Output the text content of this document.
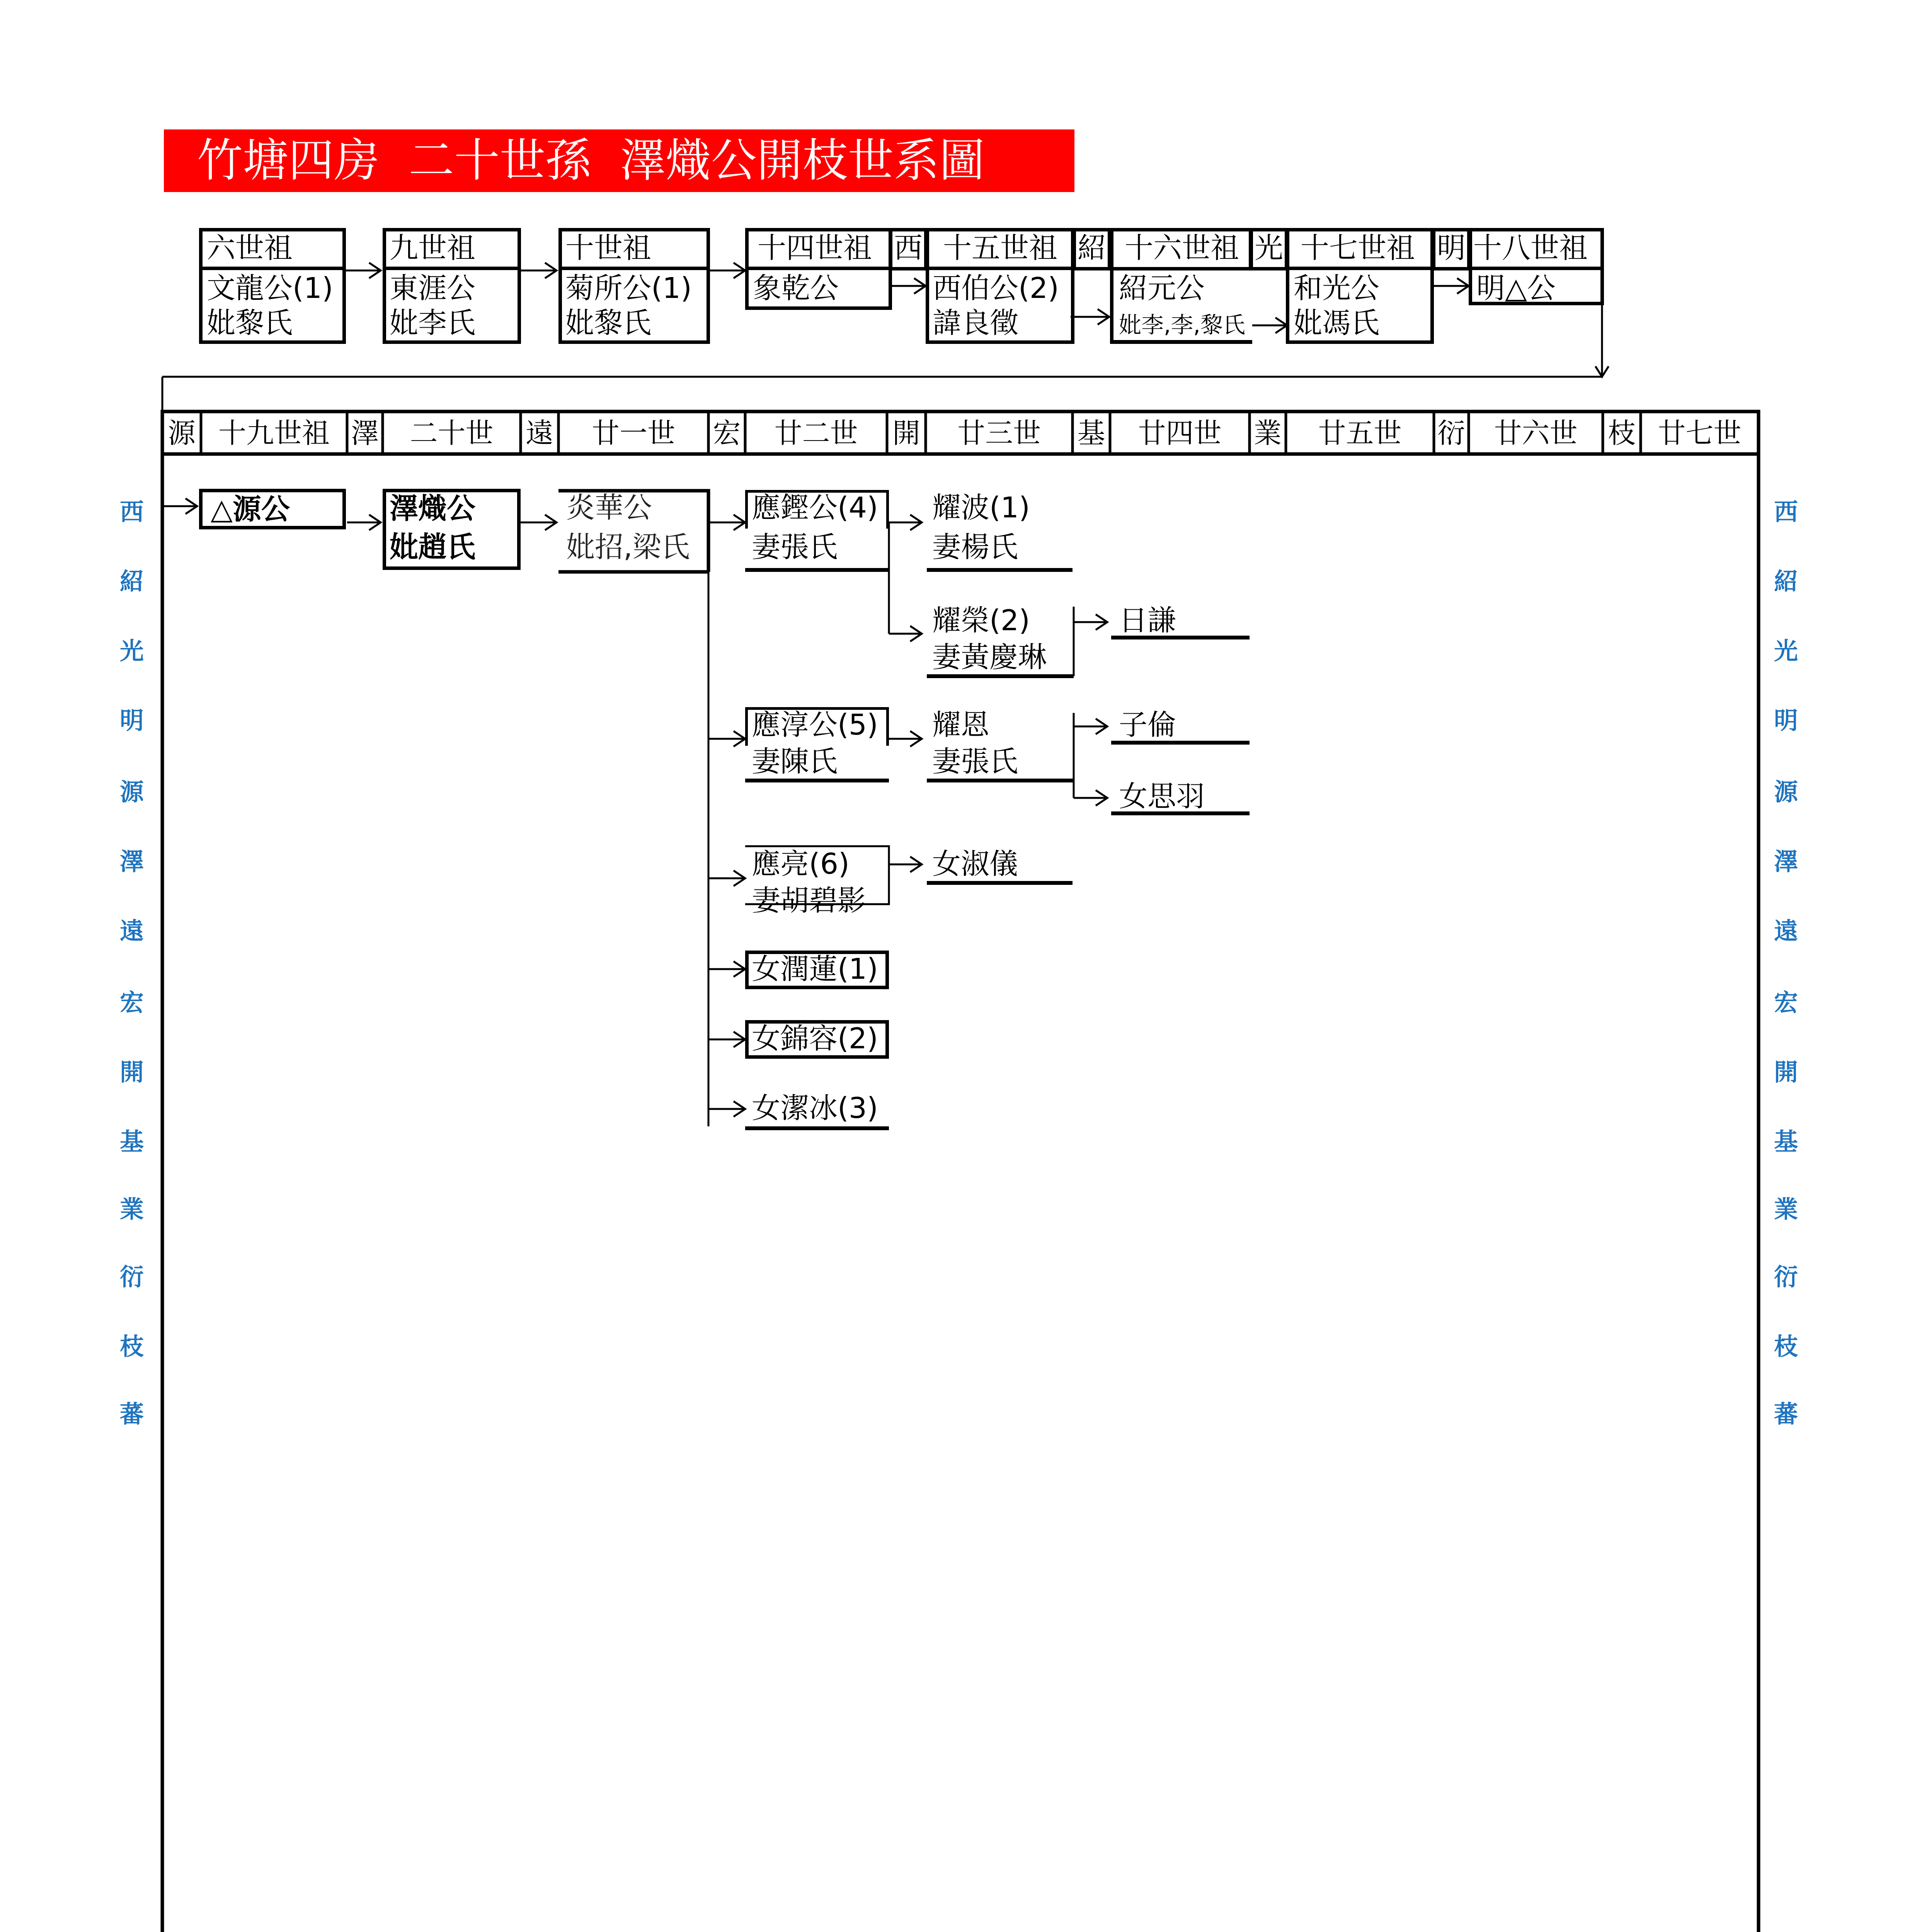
竹塘四房  二十世孫  澤熾公開枝世系圖
六世祖
文龍公(1)
妣黎氏
九世祖
東涯公
妣李氏
十世祖
菊所公(1)
妣黎氏
十四世祖
象乾公
西 十五世祖
西伯公(2)
諱良徵
紹 十六世祖
紹元公
妣李,李,黎氏
光 十七世祖
和光公
妣馮氏
明 十八世祖
明△公
源 十九世祖 澤	二十世	遠	廿一世	宏	廿二世	開	廿三世	基	廿四世	業	廿五世	衍	廿六世	枝 廿七世
西
紹
光
明
源
澤
遠
宏
開
基
業
衍
枝
蕃
西
紹
光
明
源
澤
遠
宏
開
基
業
衍
枝
蕃
△源公	澤熾公
妣趙氏
炎華公
妣招,梁氏
應鏗公(4)
妻張氏
耀波(1)
妻楊氏
耀榮(2)
妻黃慶琳
日謙
應淳公(5)
妻陳氏
耀恩
妻張氏
子倫
女思羽
應亮(6)
妻胡碧影
女淑儀
女潤蓮(1)
女錦容(2)
女潔冰(3)
